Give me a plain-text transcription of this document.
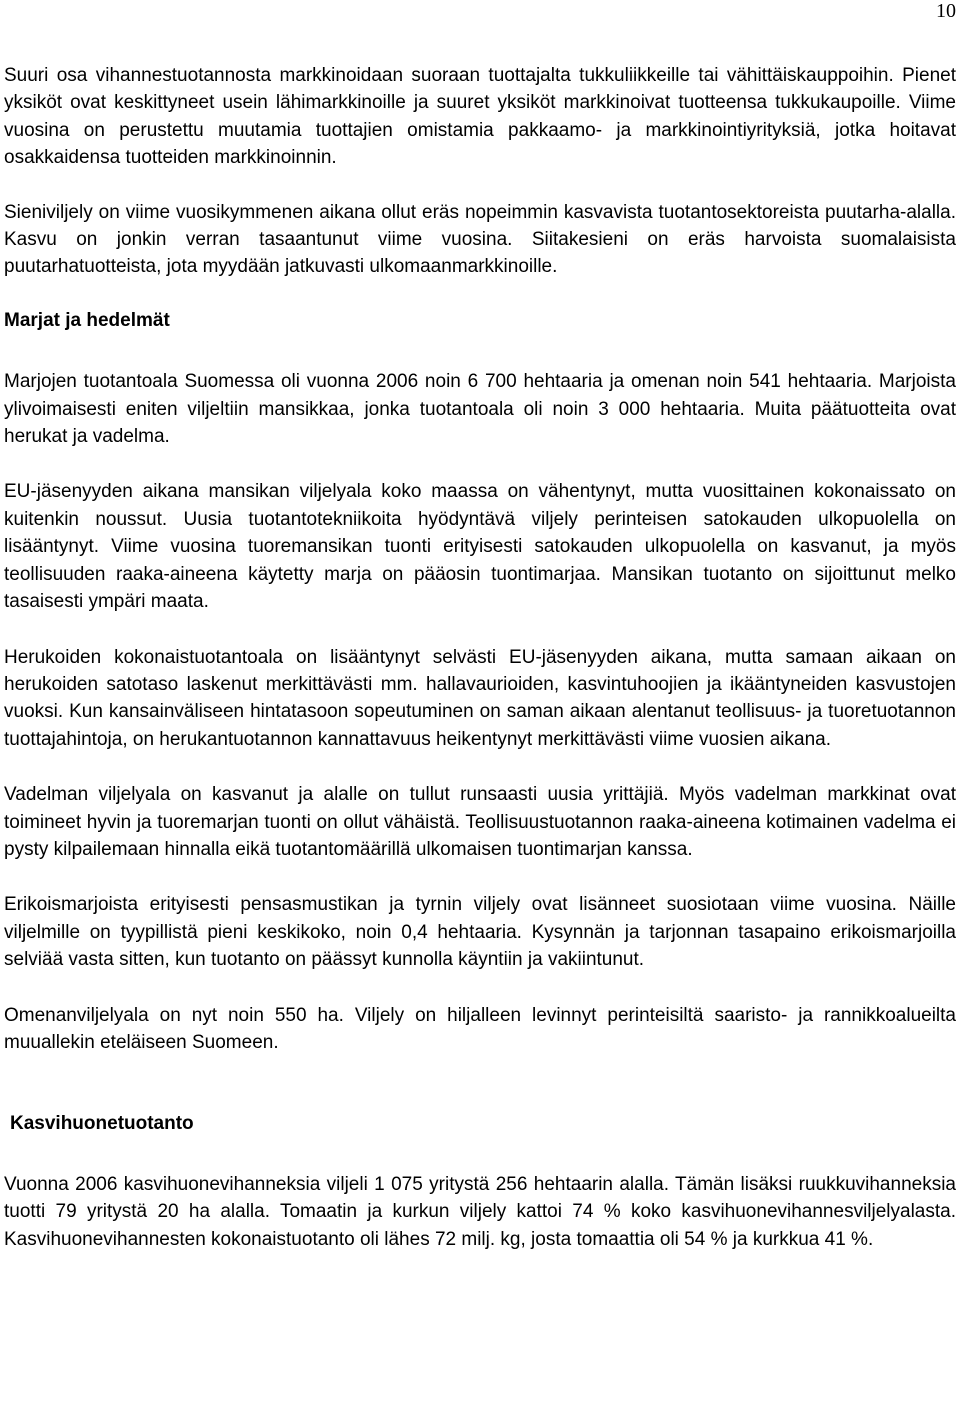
10

Suuri osa vihannestuotannosta markkinoidaan suoraan tuottajalta tukkuliikkeille tai vähittäiskauppoihin. Pienet yksiköt ovat keskittyneet usein lähimarkkinoille ja suuret yksiköt markkinoivat tuotteensa tukkukaupoille. Viime vuosina on perustettu muutamia tuottajien omistamia pakkaamo- ja markkinointiyrityksiä, jotka hoitavat osakkaidensa tuotteiden markkinoinnin.

Sieniviljely on viime vuosikymmenen aikana ollut eräs nopeimmin kasvavista tuotantosektoreista puutarha-alalla. Kasvu on jonkin verran tasaantunut viime vuosina. Siitakesieni on eräs harvoista suomalaisista puutarhatuotteista, jota myydään jatkuvasti ulkomaanmarkkinoille.

Marjat ja hedelmät

Marjojen tuotantoala Suomessa oli vuonna 2006 noin 6 700 hehtaaria ja omenan noin 541 hehtaaria. Marjoista ylivoimaisesti eniten viljeltiin mansikkaa, jonka tuotantoala oli noin 3 000 hehtaaria. Muita päätuotteita ovat herukat ja vadelma.

EU-jäsenyyden aikana mansikan viljelyala koko maassa on vähentynyt, mutta vuosittainen kokonaissato on kuitenkin noussut. Uusia tuotantotekniikoita hyödyntävä viljely perinteisen satokauden ulkopuolella on lisääntynyt. Viime vuosina tuoremansikan tuonti erityisesti satokauden ulkopuolella on kasvanut, ja myös teollisuuden raaka-aineena käytetty marja on pääosin tuontimarjaa. Mansikan tuotanto on sijoittunut melko tasaisesti ympäri maata.

Herukoiden kokonaistuotantoala on lisääntynyt selvästi EU-jäsenyyden aikana, mutta samaan aikaan on herukoiden satotaso laskenut merkittävästi mm. hallavaurioiden, kasvintuhoojien ja ikääntyneiden kasvustojen vuoksi. Kun kansainväliseen hintatasoon sopeutuminen on saman aikaan alentanut teollisuus- ja tuoretuotannon tuottajahintoja, on herukantuotannon kannattavuus heikentynyt merkittävästi viime vuosien aikana.

Vadelman viljelyala on kasvanut ja alalle on tullut runsaasti uusia yrittäjiä. Myös vadelman markkinat ovat toimineet hyvin ja tuoremarjan tuonti on ollut vähäistä. Teollisuustuotannon raaka-aineena kotimainen vadelma ei pysty kilpailemaan hinnalla eikä tuotantomäärillä ulkomaisen tuontimarjan kanssa.

Erikoismarjoista erityisesti pensasmustikan ja tyrnin viljely ovat lisänneet suosiotaan viime vuosina. Näille viljelmille on tyypillistä pieni keskikoko, noin 0,4 hehtaaria. Kysynnän ja tarjonnan tasapaino erikoismarjoilla selviää vasta sitten, kun tuotanto on päässyt kunnolla käyntiin ja vakiintunut.

Omenanviljelyala on nyt noin 550 ha. Viljely on hiljalleen levinnyt perinteisiltä saaristo- ja rannikkoalueilta muuallekin eteläiseen Suomeen.

Kasvihuonetuotanto

Vuonna 2006 kasvihuonevihanneksia viljeli 1 075 yritystä 256 hehtaarin alalla. Tämän lisäksi ruukkuvihanneksia tuotti 79 yritystä 20 ha alalla. Tomaatin ja kurkun viljely kattoi 74 % koko kasvihuonevihannesviljelyalasta. Kasvihuonevihannesten kokonaistuotanto oli lähes 72 milj. kg, josta tomaattia oli 54 % ja kurkkua 41 %.
